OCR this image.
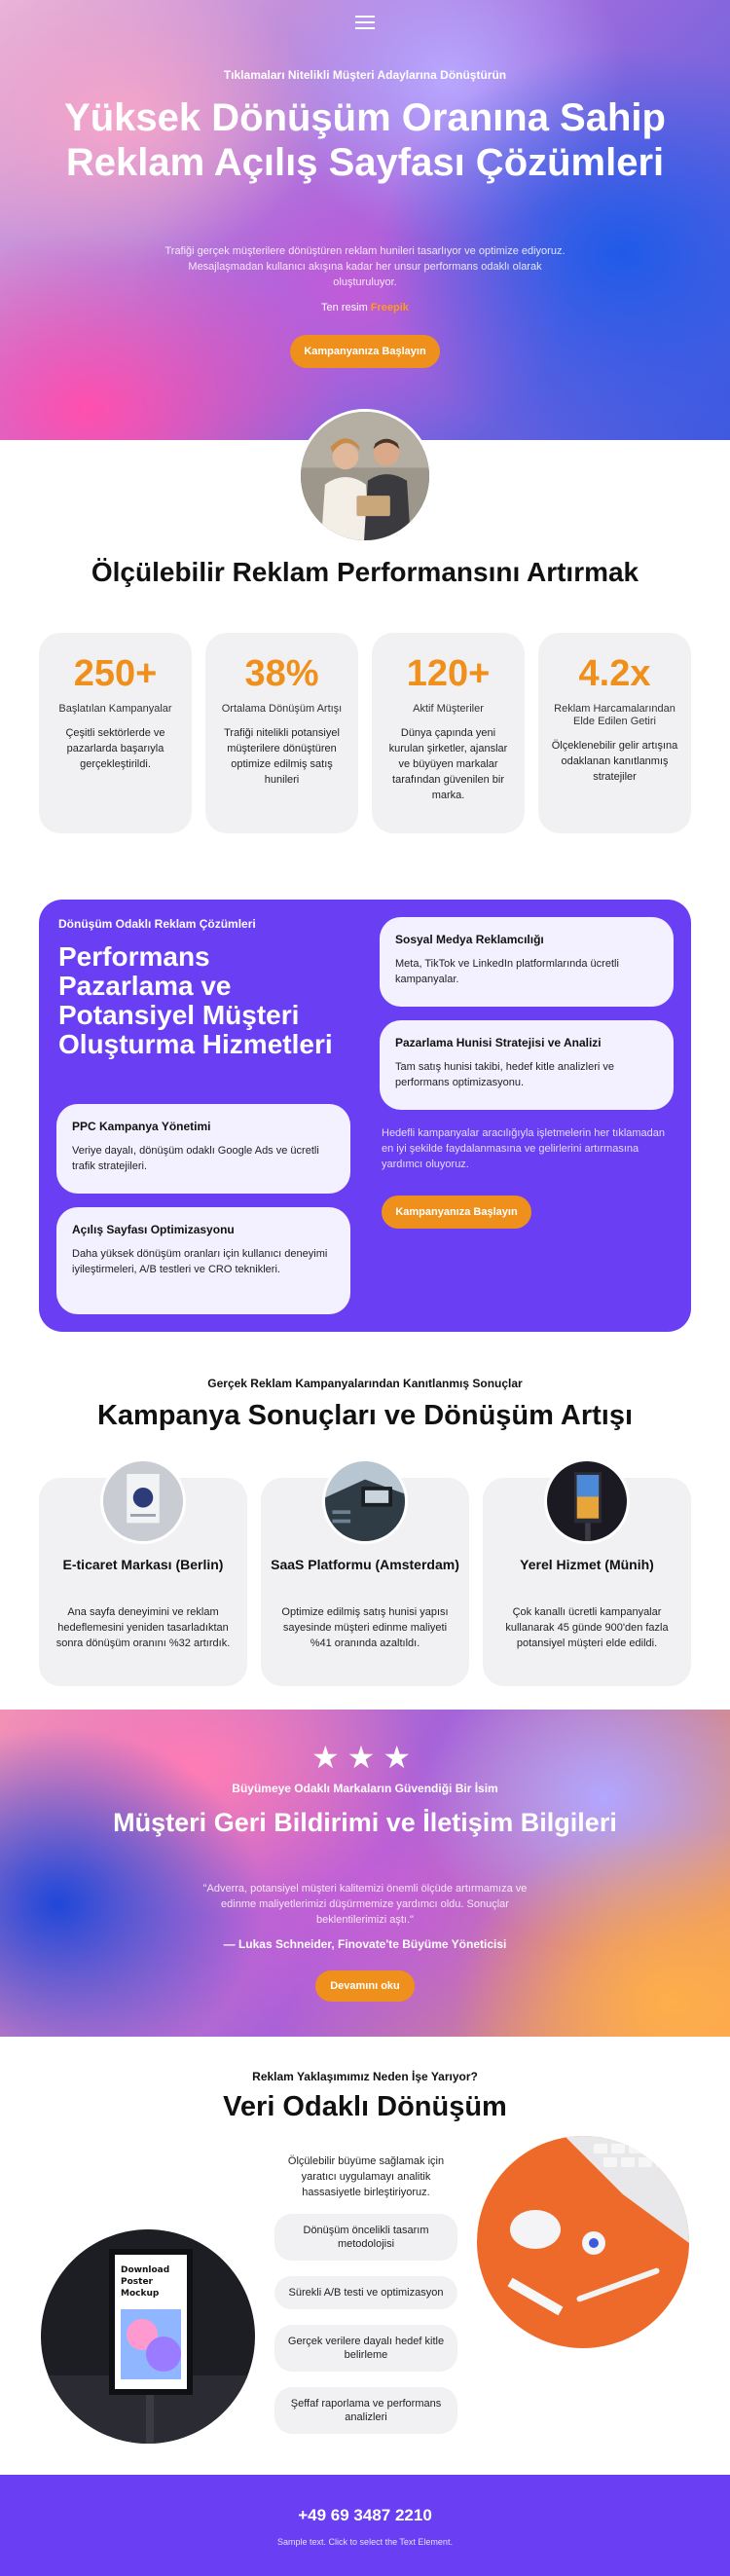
Tıklamaları Nitelikli Müşteri Adaylarına Dönüştürün
Yüksek Dönüşüm Oranına Sahip Reklam Açılış Sayfası Çözümleri

Trafiği gerçek müşterilere dönüştüren reklam hunileri tasarlıyor ve optimize ediyoruz. Mesajlaşmadan kullanıcı akışına kadar her unsur performans odaklı olarak oluşturuluyor.

Ten resim Freepik
Kampanyanıza Başlayın
Ölçülebilir Reklam Performansını Artırmak
250+
Başlatılan Kampanyalar
Çeşitli sektörlerde ve pazarlarda başarıyla gerçekleştirildi.
38%
Ortalama Dönüşüm Artışı
Trafiği nitelikli potansiyel müşterilere dönüştüren optimize edilmiş satış hunileri
120+
Aktif Müşteriler
Dünya çapında yeni kurulan şirketler, ajanslar ve büyüyen markalar tarafından güvenilen bir marka.
4.2x
Reklam Harcamalarından Elde Edilen Getiri
Ölçeklenebilir gelir artışına odaklanan kanıtlanmış stratejiler
Dönüşüm Odaklı Reklam Çözümleri
Performans Pazarlama ve Potansiyel Müşteri Oluşturma Hizmetleri
PPC Kampanya Yönetimi
Veriye dayalı, dönüşüm odaklı Google Ads ve ücretli trafik stratejileri.
Açılış Sayfası Optimizasyonu
Daha yüksek dönüşüm oranları için kullanıcı deneyimi iyileştirmeleri, A/B testleri ve CRO teknikleri.
Sosyal Medya Reklamcılığı
Meta, TikTok ve LinkedIn platformlarında ücretli kampanyalar.
Pazarlama Hunisi Stratejisi ve Analizi
Tam satış hunisi takibi, hedef kitle analizleri ve performans optimizasyonu.

Hedefli kampanyalar aracılığıyla işletmelerin her tıklamadan en iyi şekilde faydalanmasına ve gelirlerini artırmasına yardımcı oluyoruz.

Kampanyanıza Başlayın
Gerçek Reklam Kampanyalarından Kanıtlanmış Sonuçlar
Kampanya Sonuçları ve Dönüşüm Artışı
E-ticaret Markası (Berlin)
Ana sayfa deneyimini ve reklam hedeflemesini yeniden tasarladıktan sonra dönüşüm oranını %32 artırdık.
SaaS Platformu (Amsterdam)
Optimize edilmiş satış hunisi yapısı sayesinde müşteri edinme maliyeti %41 oranında azaltıldı.
Yerel Hizmet (Münih)
Çok kanallı ücretli kampanyalar kullanarak 45 günde 900'den fazla potansiyel müşteri elde edildi.
★★★
Büyümeye Odaklı Markaların Güvendiği Bir İsim
Müşteri Geri Bildirimi ve İletişim Bilgileri

"Adverra, potansiyel müşteri kalitemizi önemli ölçüde artırmamıza ve edinme maliyetlerimizi düşürmemize yardımcı oldu. Sonuçlar beklentilerimizi aştı."

— Lukas Schneider, Finovate'te Büyüme Yöneticisi
Devamını oku
Reklam Yaklaşımımız Neden İşe Yarıyor?
Veri Odaklı Dönüşüm

Ölçülebilir büyüme sağlamak için yaratıcı uygulamayı analitik hassasiyetle birleştiriyoruz.

Dönüşüm öncelikli tasarım metodolojisi
Sürekli A/B testi ve optimizasyon
Gerçek verilere dayalı hedef kitle belirleme
Şeffaf raporlama ve performans analizleri
Download
Poster
Mockup
+49 69 3487 2210
Sample text. Click to select the Text Element.
